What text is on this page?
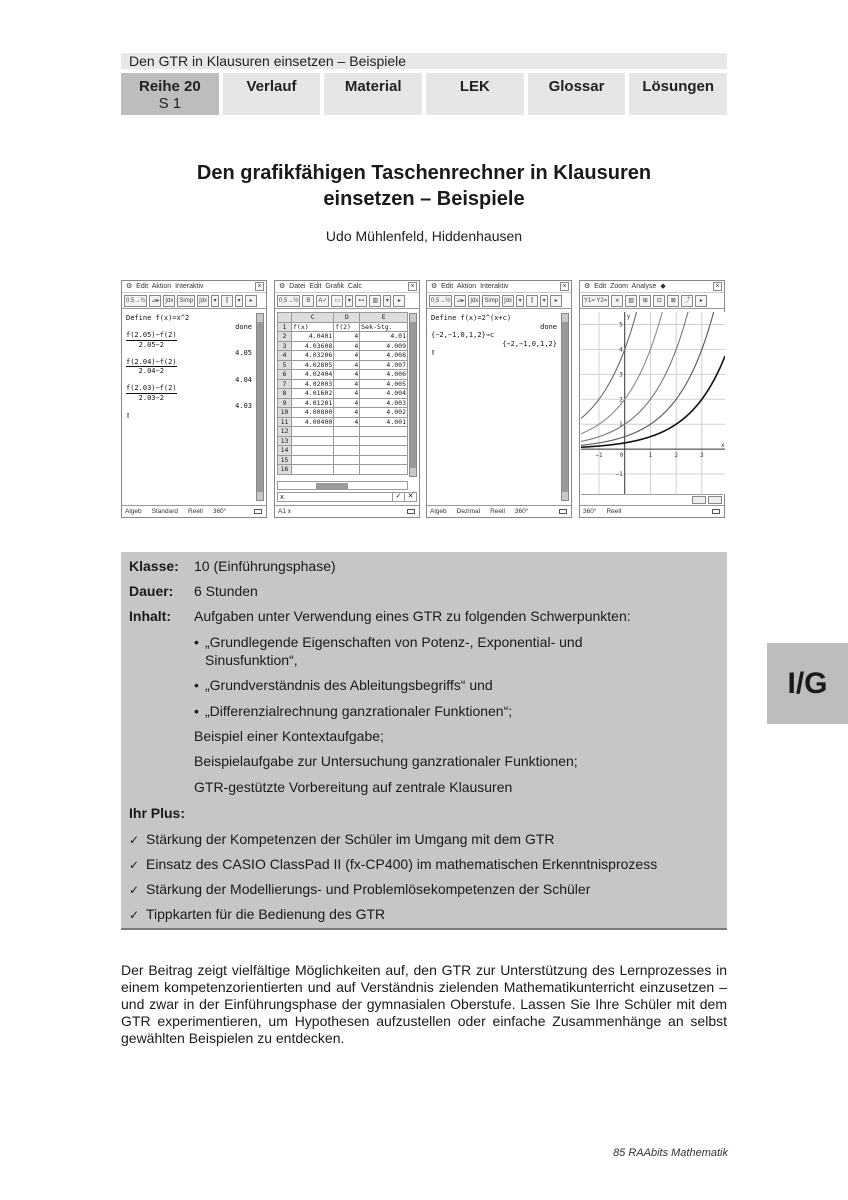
Den GTR in Klausuren einsetzen – Beispiele
Reihe 20
S 1
Verlauf	Material	LEK	Glossar	Lösungen
Den grafikfähigen Taschenrechner in Klausuren
einsetzen – Beispiele
Udo Mühlenfeld, Hiddenhausen
⚙ Edit Aktion Interaktiv	×
0.5→½	⊿▸	∫dx	Simp	∫dx	▾	⫿	▾	▸
Define f(x)=x^2
done
$\frac{f(2.05)-f(2)}{2.05-2}$
4.05
$\frac{f(2.04)-f(2)}{2.04-2}$
4.04
$\frac{f(2.03)-f(2)}{2.03-2}$
4.03
▯
Algeb Standard Reell 360°
⚙ Datei Edit Grafik Calc	×
0.5→½	B	A✓	▭	▾	⊷	▥	▾	▸
	C	D	E
1	f(x)	f(2)	Sek-Stg.
2	4.0401	4	4.01
3	4.03608	4	4.009
4	4.03206	4	4.008
5	4.02805	4	4.007
6	4.02404	4	4.006
7	4.02003	4	4.005
8	4.01602	4	4.004
9	4.01201	4	4.003
10	4.00800	4	4.002
11	4.00400	4	4.001
12			
13			
14			
15			
16			
x	✓ ✕
A1 x
⚙ Edit Aktion Interaktiv	×
0.5→½	⊿▸	∫dx	Simp	∫dx	▾	⫿	▾	▸
Define f(x)=2^(x+c)
done
{−2,−1,0,1,2}⇒c
{−2,−1,0,1,2}
▯
Algeb Dezimal Reell 360°
⚙ Edit Zoom Analyse ◆	×
Y1= Y2=	⩙	▥	⊞	⊡	⊠	⤴	▸
−1	1	2	3
−1
1
2
3
4
5
0
x
y
360° Reell
Klasse: 10 (Einführungsphase)
Dauer: 6 Stunden
Inhalt: Aufgaben unter Verwendung eines GTR zu folgenden Schwerpunkten:
• „Grundlegende Eigenschaften von Potenz-, Exponential- und
Sinusfunktion“,
• „Grundverständnis des Ableitungsbegriffs“ und
• „Differenzialrechnung ganzrationaler Funktionen“;
Beispiel einer Kontextaufgabe;
Beispielaufgabe zur Untersuchung ganzrationaler Funktionen;
GTR-gestützte Vorbereitung auf zentrale Klausuren
Ihr Plus:
✓ Stärkung der Kompetenzen der Schüler im Umgang mit dem GTR
✓ Einsatz des CASIO ClassPad II (fx-CP400) im mathematischen Erkenntnisprozess
✓ Stärkung der Modellierungs- und Problemlösekompetenzen der Schüler
✓ Tippkarten für die Bedienung des GTR
I/G
Der Beitrag zeigt vielfältige Möglichkeiten auf, den GTR zur Unterstützung des Lernprozesses in einem kompetenzorientierten und auf Verständnis zielenden Mathematikunterricht einzusetzen – und zwar in der Einführungsphase der gymnasialen Oberstufe. Lassen Sie Ihre Schüler mit dem GTR experimentieren, um Hypothesen aufzustellen oder einfache Zusammenhänge an selbst gewählten Beispielen zu entdecken.
85 RAAbits Mathematik
